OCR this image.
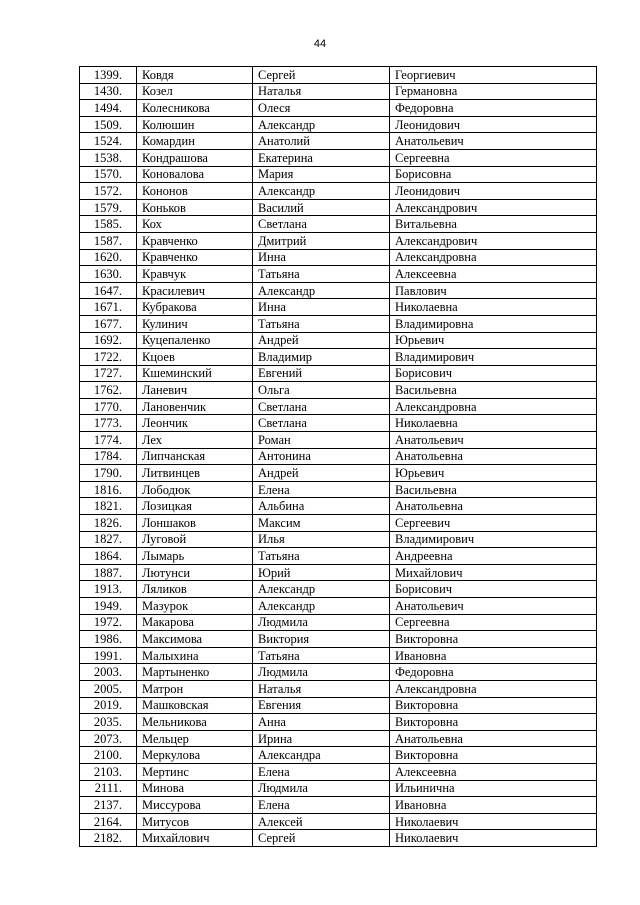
44
1399.	Ковдя	Сергей	Георгиевич
1430.	Козел	Наталья	Германовна
1494.	Колесникова	Олеся	Федоровна
1509.	Колюшин	Александр	Леонидович
1524.	Комардин	Анатолий	Анатольевич
1538.	Кондрашова	Екатерина	Сергеевна
1570.	Коновалова	Мария	Борисовна
1572.	Кононов	Александр	Леонидович
1579.	Коньков	Василий	Александрович
1585.	Кох	Светлана	Витальевна
1587.	Кравченко	Дмитрий	Александрович
1620.	Кравченко	Инна	Александровна
1630.	Кравчук	Татьяна	Алексеевна
1647.	Красилевич	Александр	Павлович
1671.	Кубракова	Инна	Николаевна
1677.	Кулинич	Татьяна	Владимировна
1692.	Куцепаленко	Андрей	Юрьевич
1722.	Кцоев	Владимир	Владимирович
1727.	Кшеминский	Евгений	Борисович
1762.	Ланевич	Ольга	Васильевна
1770.	Лановенчик	Светлана	Александровна
1773.	Леончик	Светлана	Николаевна
1774.	Лех	Роман	Анатольевич
1784.	Липчанская	Антонина	Анатольевна
1790.	Литвинцев	Андрей	Юрьевич
1816.	Лободюк	Елена	Васильевна
1821.	Лозицкая	Альбина	Анатольевна
1826.	Лоншаков	Максим	Сергеевич
1827.	Луговой	Илья	Владимирович
1864.	Лымарь	Татьяна	Андреевна
1887.	Лютунси	Юрий	Михайлович
1913.	Ляликов	Александр	Борисович
1949.	Мазурок	Александр	Анатольевич
1972.	Макарова	Людмила	Сергеевна
1986.	Максимова	Виктория	Викторовна
1991.	Малыхина	Татьяна	Ивановна
2003.	Мартыненко	Людмила	Федоровна
2005.	Матрон	Наталья	Александровна
2019.	Машковская	Евгения	Викторовна
2035.	Мельникова	Анна	Викторовна
2073.	Мельцер	Ирина	Анатольевна
2100.	Меркулова	Александра	Викторовна
2103.	Мертинс	Елена	Алексеевна
2111.	Минова	Людмила	Ильинична
2137.	Миссурова	Елена	Ивановна
2164.	Митусов	Алексей	Николаевич
2182.	Михайлович	Сергей	Николаевич
